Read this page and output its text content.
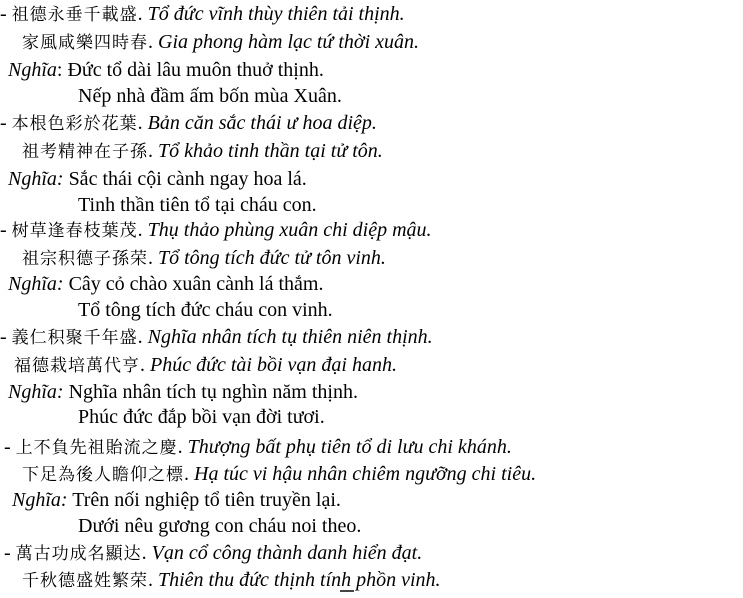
- 祖德永垂千載盛. Tổ đức vĩnh thùy thiên tải thịnh.
家風咸樂四時春. Gia phong hàm lạc tứ thời xuân.
Nghĩa: Đức tổ dài lâu muôn thuở thịnh.
Nếp nhà đầm ấm bốn mùa Xuân.
- 本根色彩於花葉. Bản căn sắc thái ư hoa diệp.
祖考精神在子孫. Tổ khảo tinh thần tại tử tôn.
Nghĩa: Sắc thái cội cành ngay hoa lá.
Tinh thần tiên tổ tại cháu con.
- 树草逢春枝葉茂. Thụ thảo phùng xuân chi diệp mậu.
祖宗积德子孫荣. Tổ tông tích đức tử tôn vinh.
Nghĩa: Cây cỏ chào xuân cành lá thắm.
Tổ tông tích đức cháu con vinh.
- 義仁积聚千年盛. Nghĩa nhân tích tụ thiên niên thịnh.
福德栽培萬代亨. Phúc đức tài bồi vạn đại hanh.
Nghĩa: Nghĩa nhân tích tụ nghìn năm thịnh.
Phúc đức đắp bồi vạn đời tươi.
- 上不負先祖貽流之慶. Thượng bất phụ tiên tổ di lưu chi khánh.
下足為後人瞻仰之標. Hạ túc vi hậu nhân chiêm ngưỡng chi tiêu.
Nghĩa: Trên nối nghiệp tổ tiên truyền lại.
Dưới nêu gương con cháu noi theo.
- 萬古功成名顯达. Vạn cổ công thành danh hiển đạt.
千秋德盛姓繁荣. Thiên thu đức thịnh tính phồn vinh.
